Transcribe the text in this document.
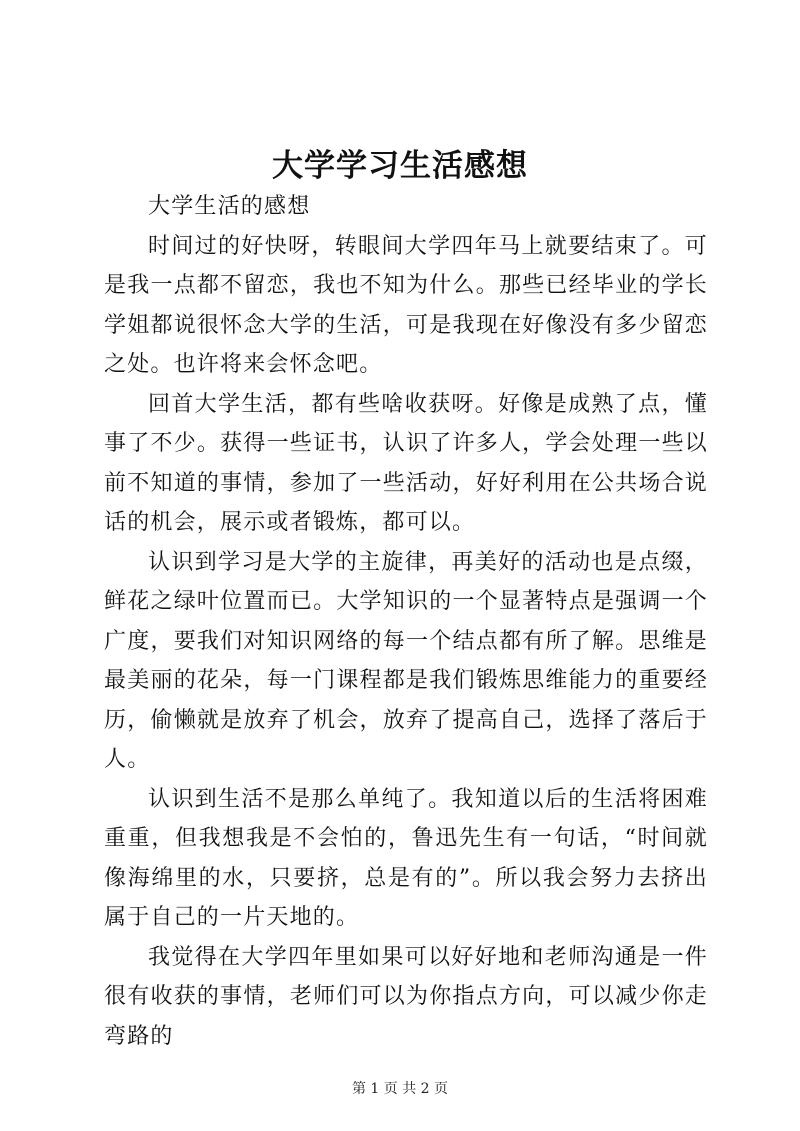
大学学习生活感想

大学生活的感想

时间过的好快呀，转眼间大学四年马上就要结束了。可是我一点都不留恋，我也不知为什么。那些已经毕业的学长学姐都说很怀念大学的生活，可是我现在好像没有多少留恋之处。也许将来会怀念吧。

回首大学生活，都有些啥收获呀。好像是成熟了点，懂事了不少。获得一些证书，认识了许多人，学会处理一些以前不知道的事情，参加了一些活动，好好利用在公共场合说话的机会，展示或者锻炼，都可以。

认识到学习是大学的主旋律，再美好的活动也是点缀，鲜花之绿叶位置而已。大学知识的一个显著特点是强调一个广度，要我们对知识网络的每一个结点都有所了解。思维是最美丽的花朵，每一门课程都是我们锻炼思维能力的重要经历，偷懒就是放弃了机会，放弃了提高自己，选择了落后于人。

认识到生活不是那么单纯了。我知道以后的生活将困难重重，但我想我是不会怕的，鲁迅先生有一句话，“时间就像海绵里的水，只要挤，总是有的”。所以我会努力去挤出属于自己的一片天地的。

我觉得在大学四年里如果可以好好地和老师沟通是一件很有收获的事情，老师们可以为你指点方向，可以减少你走弯路的

第 1 页 共 2 页
